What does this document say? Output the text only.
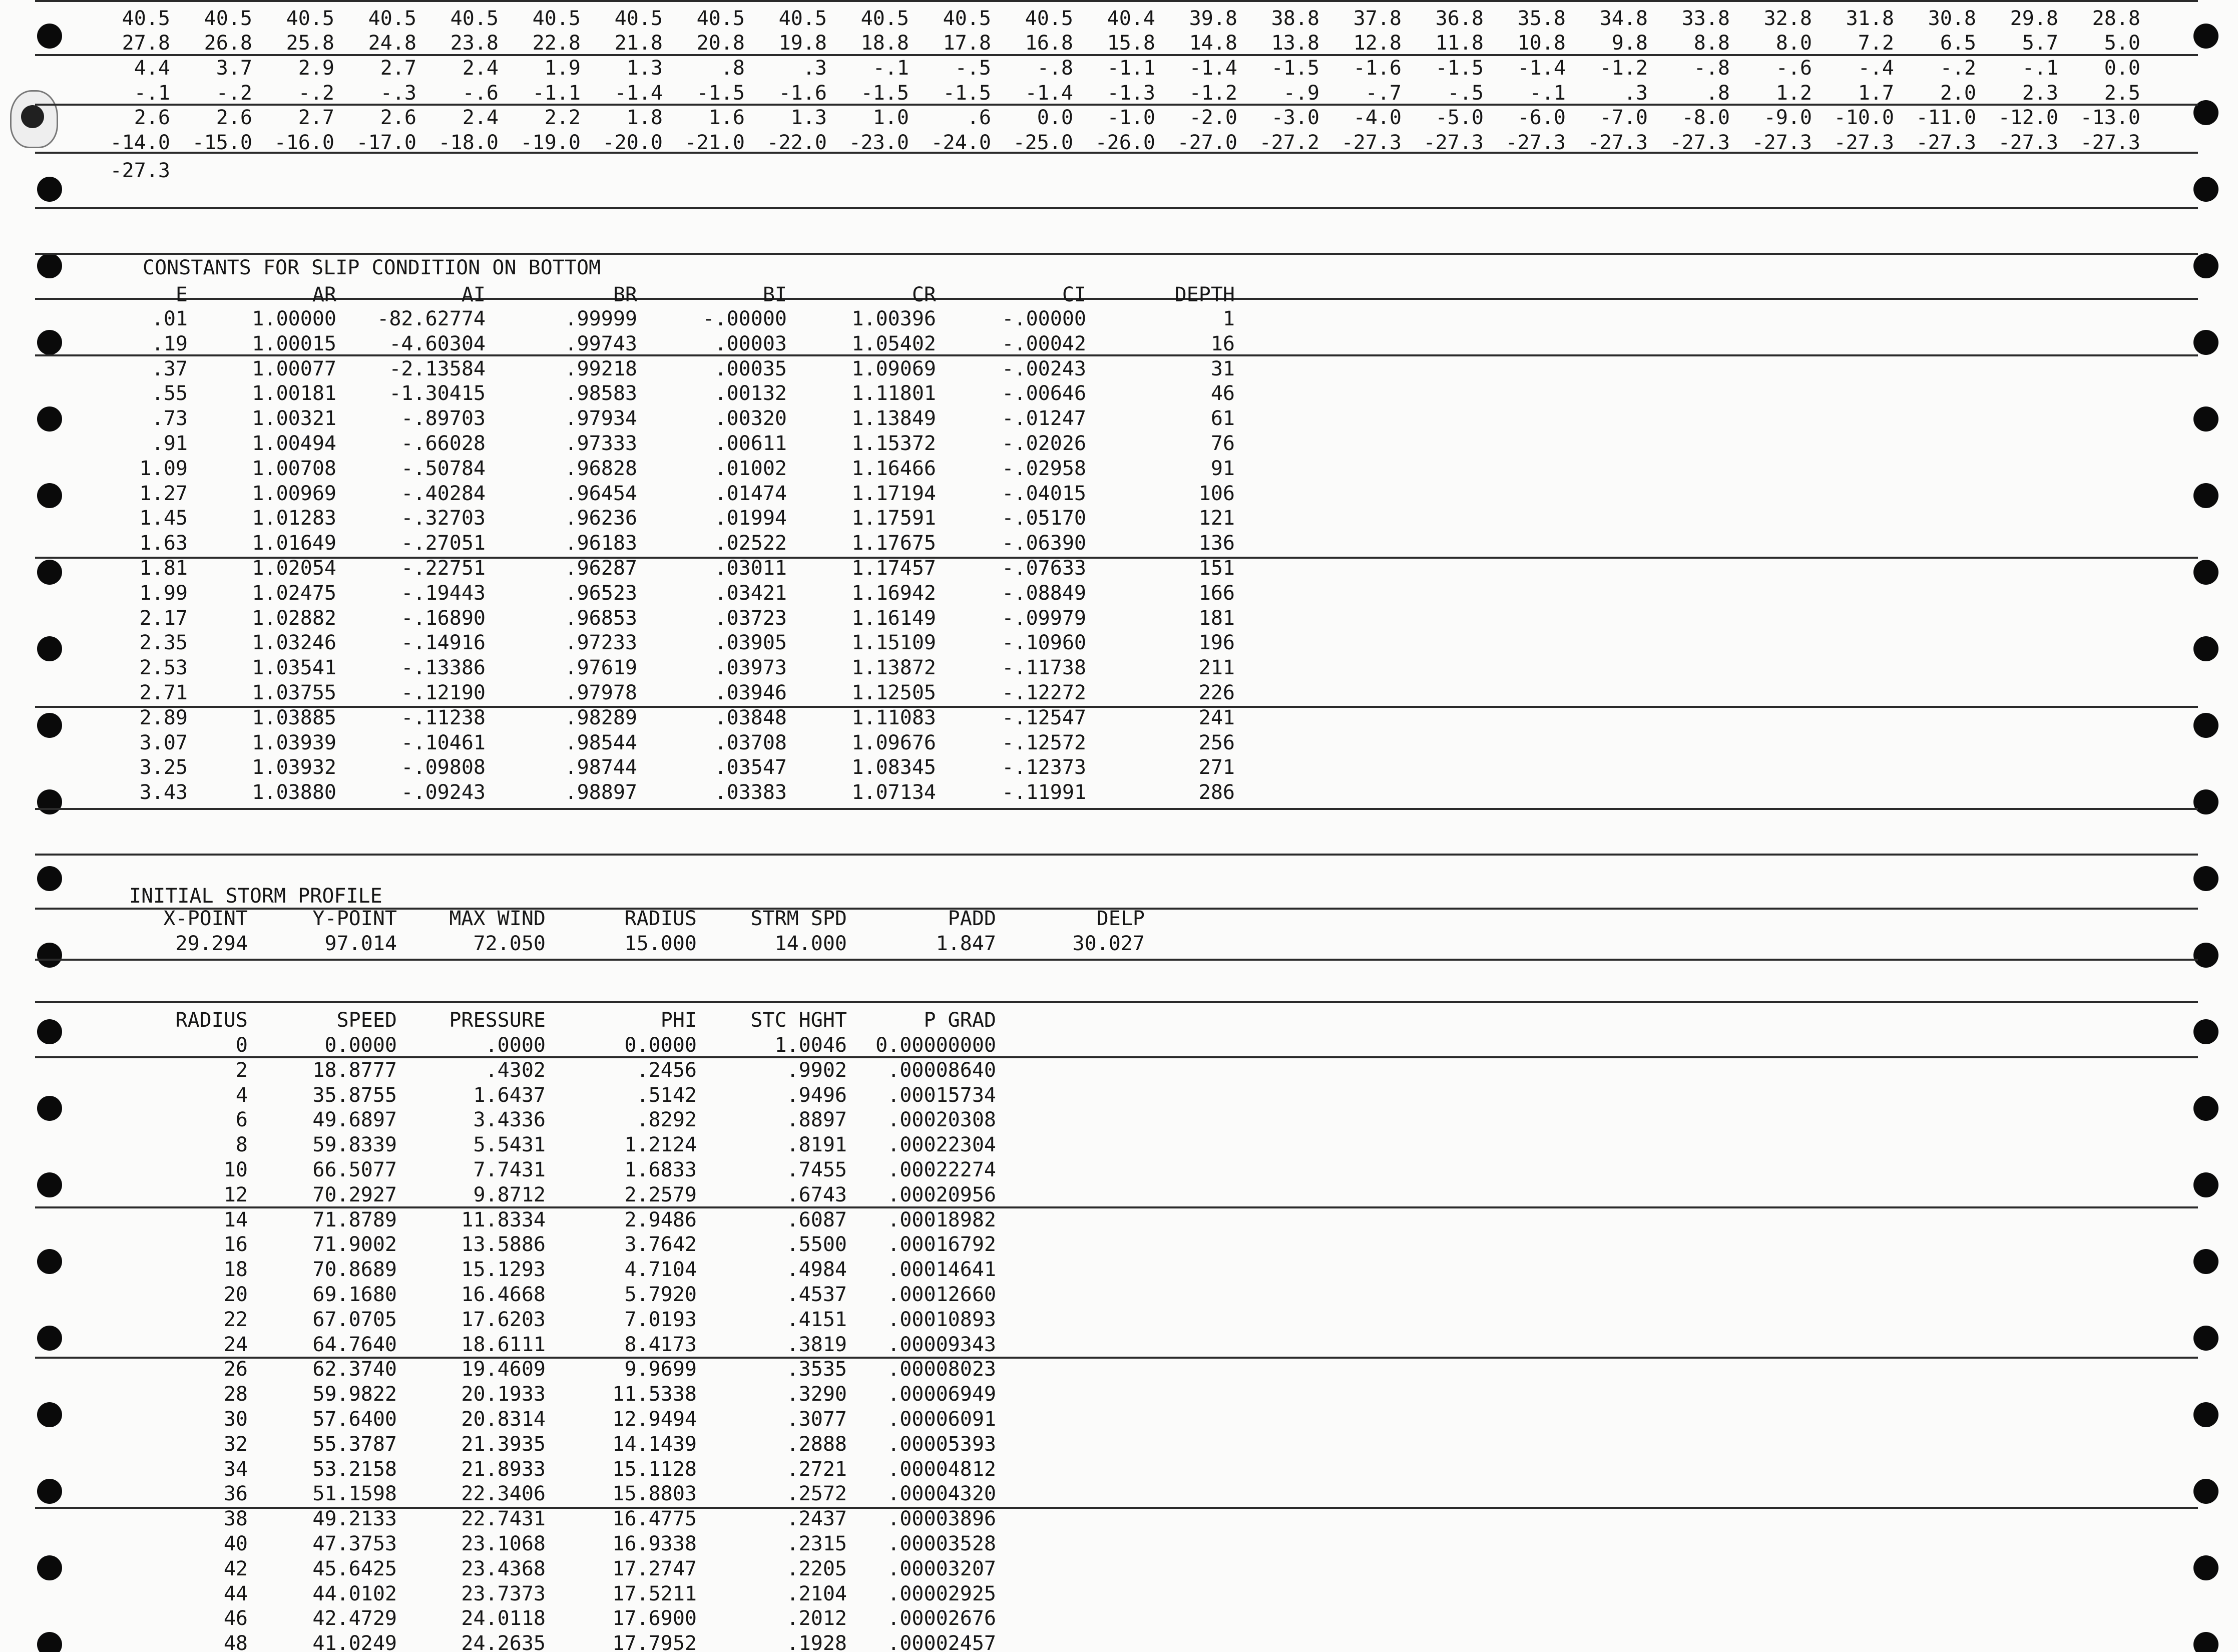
CONSTANTS FOR SLIP CONDITION ON BOTTOM
INITIAL STORM PROFILE
40.5	40.5	40.5	40.5	40.5	40.5	40.5	40.5	40.5	40.5	40.5	40.5	40.4	39.8	38.8	37.8	36.8	35.8	34.8	33.8	32.8	31.8	30.8	29.8	28.8
27.8	26.8	25.8	24.8	23.8	22.8	21.8	20.8	19.8	18.8	17.8	16.8	15.8	14.8	13.8	12.8	11.8	10.8	9.8	8.8	8.0	7.2	6.5	5.7	5.0
4.4	3.7	2.9	2.7	2.4	1.9	1.3	.8	.3	-.1	-.5	-.8	-1.1	-1.4	-1.5	-1.6	-1.5	-1.4	-1.2	-.8	-.6	-.4	-.2	-.1	0.0
-.1	-.2	-.2	-.3	-.6	-1.1	-1.4	-1.5	-1.6	-1.5	-1.5	-1.4	-1.3	-1.2	-.9	-.7	-.5	-.1	.3	.8	1.2	1.7	2.0	2.3	2.5
2.6	2.6	2.7	2.6	2.4	2.2	1.8	1.6	1.3	1.0	.6	0.0	-1.0	-2.0	-3.0	-4.0	-5.0	-6.0	-7.0	-8.0	-9.0	-10.0	-11.0	-12.0	-13.0
-14.0	-15.0	-16.0	-17.0	-18.0	-19.0	-20.0	-21.0	-22.0	-23.0	-24.0	-25.0	-26.0	-27.0	-27.2	-27.3	-27.3	-27.3	-27.3	-27.3	-27.3	-27.3	-27.3	-27.3	-27.3
-27.3
E	AR	AI	BR	BI	CR	CI	DEPTH
.01	1.00000 -82.62774	.99999	-.00000	1.00396	-.00000	1
.19	1.00015	-4.60304	.99743	.00003	1.05402	-.00042	16
.37	1.00077	-2.13584	.99218	.00035	1.09069	-.00243	31
.55	1.00181	-1.30415	.98583	.00132	1.11801	-.00646	46
.73	1.00321	-.89703	.97934	.00320	1.13849	-.01247	61
.91	1.00494	-.66028	.97333	.00611	1.15372	-.02026	76
1.09	1.00708	-.50784	.96828	.01002	1.16466	-.02958	91
1.27	1.00969	-.40284	.96454	.01474	1.17194	-.04015	106
1.45	1.01283	-.32703	.96236	.01994	1.17591	-.05170	121
1.63	1.01649	-.27051	.96183	.02522	1.17675	-.06390	136
1.81	1.02054	-.22751	.96287	.03011	1.17457	-.07633	151
1.99	1.02475	-.19443	.96523	.03421	1.16942	-.08849	166
2.17	1.02882	-.16890	.96853	.03723	1.16149	-.09979	181
2.35	1.03246	-.14916	.97233	.03905	1.15109	-.10960	196
2.53	1.03541	-.13386	.97619	.03973	1.13872	-.11738	211
2.71	1.03755	-.12190	.97978	.03946	1.12505	-.12272	226
2.89	1.03885	-.11238	.98289	.03848	1.11083	-.12547	241
3.07	1.03939	-.10461	.98544	.03708	1.09676	-.12572	256
3.25	1.03932	-.09808	.98744	.03547	1.08345	-.12373	271
3.43	1.03880	-.09243	.98897	.03383	1.07134	-.11991	286
X-POINT	Y-POINT	MAX WIND	RADIUS	STRM SPD	PADD	DELP
29.294	97.014	72.050	15.000	14.000	1.847	30.027
RADIUS	SPEED	PRESSURE	PHI	STC HGHT	P GRAD
0	0.0000	.0000	0.0000	1.0046 0.00000000
2	18.8777	.4302	.2456	.9902 .00008640
4	35.8755	1.6437	.5142	.9496 .00015734
6	49.6897	3.4336	.8292	.8897 .00020308
8	59.8339	5.5431	1.2124	.8191 .00022304
10	66.5077	7.7431	1.6833	.7455 .00022274
12	70.2927	9.8712	2.2579	.6743 .00020956
14	71.8789	11.8334	2.9486	.6087 .00018982
16	71.9002	13.5886	3.7642	.5500 .00016792
18	70.8689	15.1293	4.7104	.4984 .00014641
20	69.1680	16.4668	5.7920	.4537 .00012660
22	67.0705	17.6203	7.0193	.4151 .00010893
24	64.7640	18.6111	8.4173	.3819 .00009343
26	62.3740	19.4609	9.9699	.3535 .00008023
28	59.9822	20.1933	11.5338	.3290 .00006949
30	57.6400	20.8314	12.9494	.3077 .00006091
32	55.3787	21.3935	14.1439	.2888 .00005393
34	53.2158	21.8933	15.1128	.2721 .00004812
36	51.1598	22.3406	15.8803	.2572 .00004320
38	49.2133	22.7431	16.4775	.2437 .00003896
40	47.3753	23.1068	16.9338	.2315 .00003528
42	45.6425	23.4368	17.2747	.2205 .00003207
44	44.0102	23.7373	17.5211	.2104 .00002925
46	42.4729	24.0118	17.6900	.2012 .00002676
48	41.0249	24.2635	17.7952	.1928 .00002457
